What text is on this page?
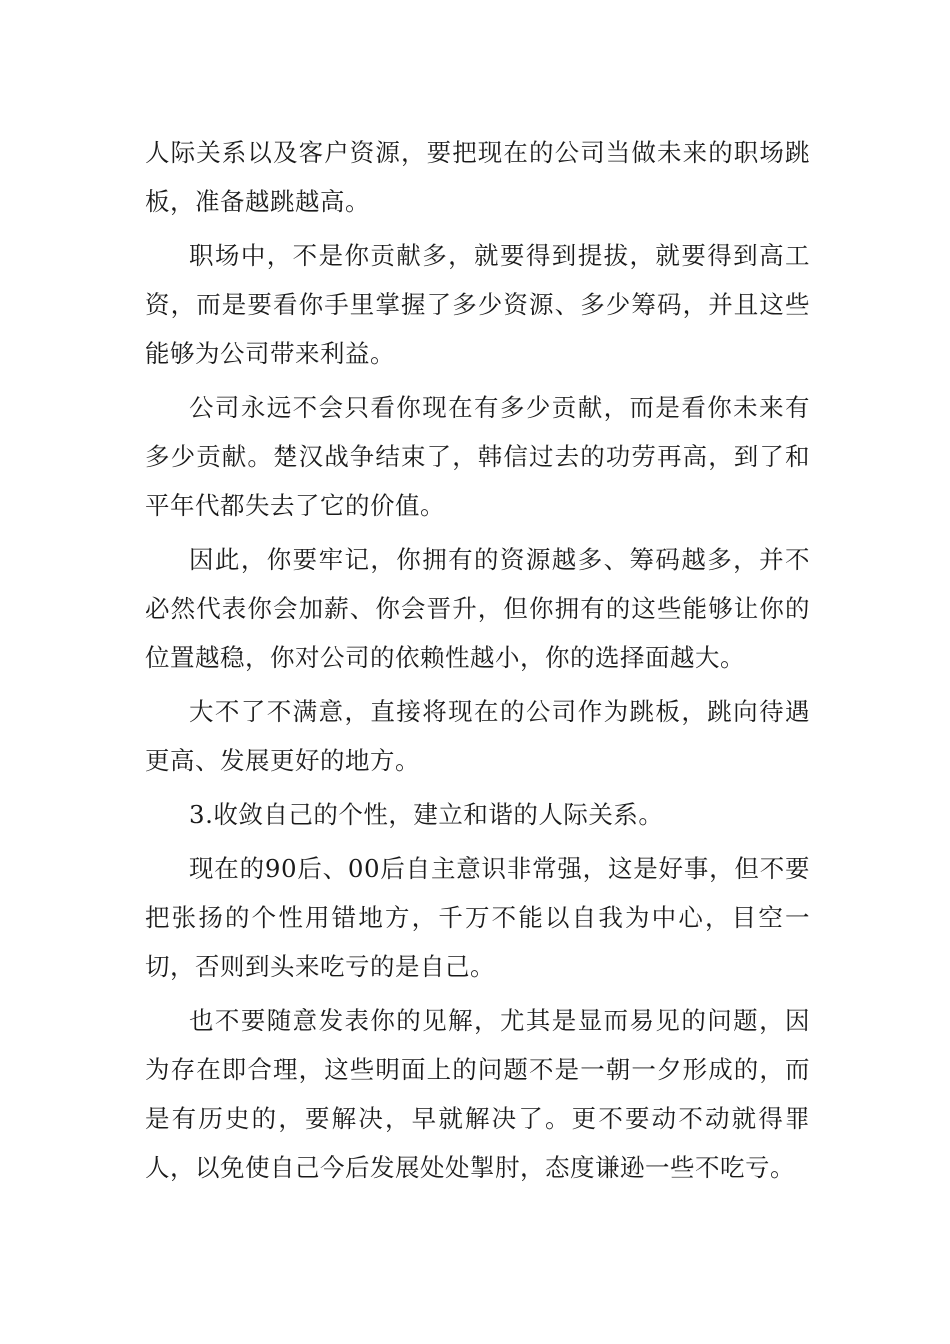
人际关系以及客户资源，要把现在的公司当做未来的职场跳板，准备越跳越高。

职场中，不是你贡献多，就要得到提拔，就要得到高工资，而是要看你手里掌握了多少资源、多少筹码，并且这些能够为公司带来利益。

公司永远不会只看你现在有多少贡献，而是看你未来有多少贡献。楚汉战争结束了，韩信过去的功劳再高，到了和平年代都失去了它的价值。

因此，你要牢记，你拥有的资源越多、筹码越多，并不必然代表你会加薪、你会晋升，但你拥有的这些能够让你的位置越稳，你对公司的依赖性越小，你的选择面越大。

大不了不满意，直接将现在的公司作为跳板，跳向待遇更高、发展更好的地方。

3.收敛自己的个性，建立和谐的人际关系。

现在的90后、00后自主意识非常强，这是好事，但不要把张扬的个性用错地方，千万不能以自我为中心，目空一切，否则到头来吃亏的是自己。

也不要随意发表你的见解，尤其是显而易见的问题，因为存在即合理，这些明面上的问题不是一朝一夕形成的，而是有历史的，要解决，早就解决了。更不要动不动就得罪人，以免使自己今后发展处处掣肘，态度谦逊一些不吃亏。
